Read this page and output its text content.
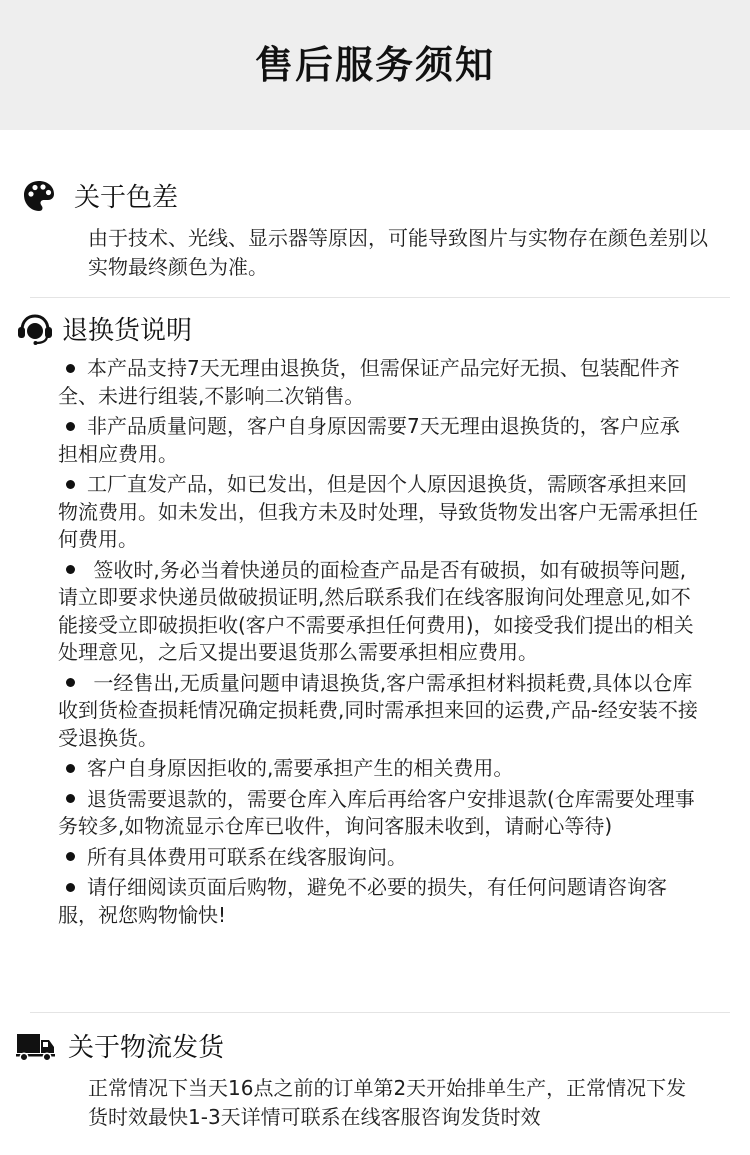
售后服务须知
关于色差

由于技术、光线、显示器等原因，可能导致图片与实物存在颜色差别以实物最终颜色为准。

退换货说明
本产品支持7天无理由退换货，但需保证产品完好无损、包装配件齐全、未进行组装,不影响二次销售。
非产品质量问题，客户自身原因需要7天无理由退换货的，客户应承担相应费用。
工厂直发产品，如已发出，但是因个人原因退换货，需顾客承担来回物流费用。如未发出，但我方未及时处理，导致货物发出客户无需承担任何费用。
签收时,务必当着快递员的面检查产品是否有破损，如有破损等问题,请立即要求快递员做破损证明,然后联系我们在线客服询问处理意见,如不能接受立即破损拒收(客户不需要承担任何费用)，如接受我们提出的相关处理意见，之后又提出要退货那么需要承担相应费用。
一经售出,无质量问题申请退换货,客户需承担材料损耗费,具体以仓库收到货检查损耗情况确定损耗费,同时需承担来回的运费,产品-经安装不接受退换货。
客户自身原因拒收的,需要承担产生的相关费用。
退货需要退款的，需要仓库入库后再给客户安排退款(仓库需要处理事务较多,如物流显示仓库已收件，询问客服未收到，请耐心等待)
所有具体费用可联系在线客服询问。
请仔细阅读页面后购物，避免不必要的损失，有任何问题请咨询客服，祝您购物愉快!
关于物流发货

正常情况下当天16点之前的订单第2天开始排单生产，正常情况下发货时效最快1-3天详情可联系在线客服咨询发货时效
